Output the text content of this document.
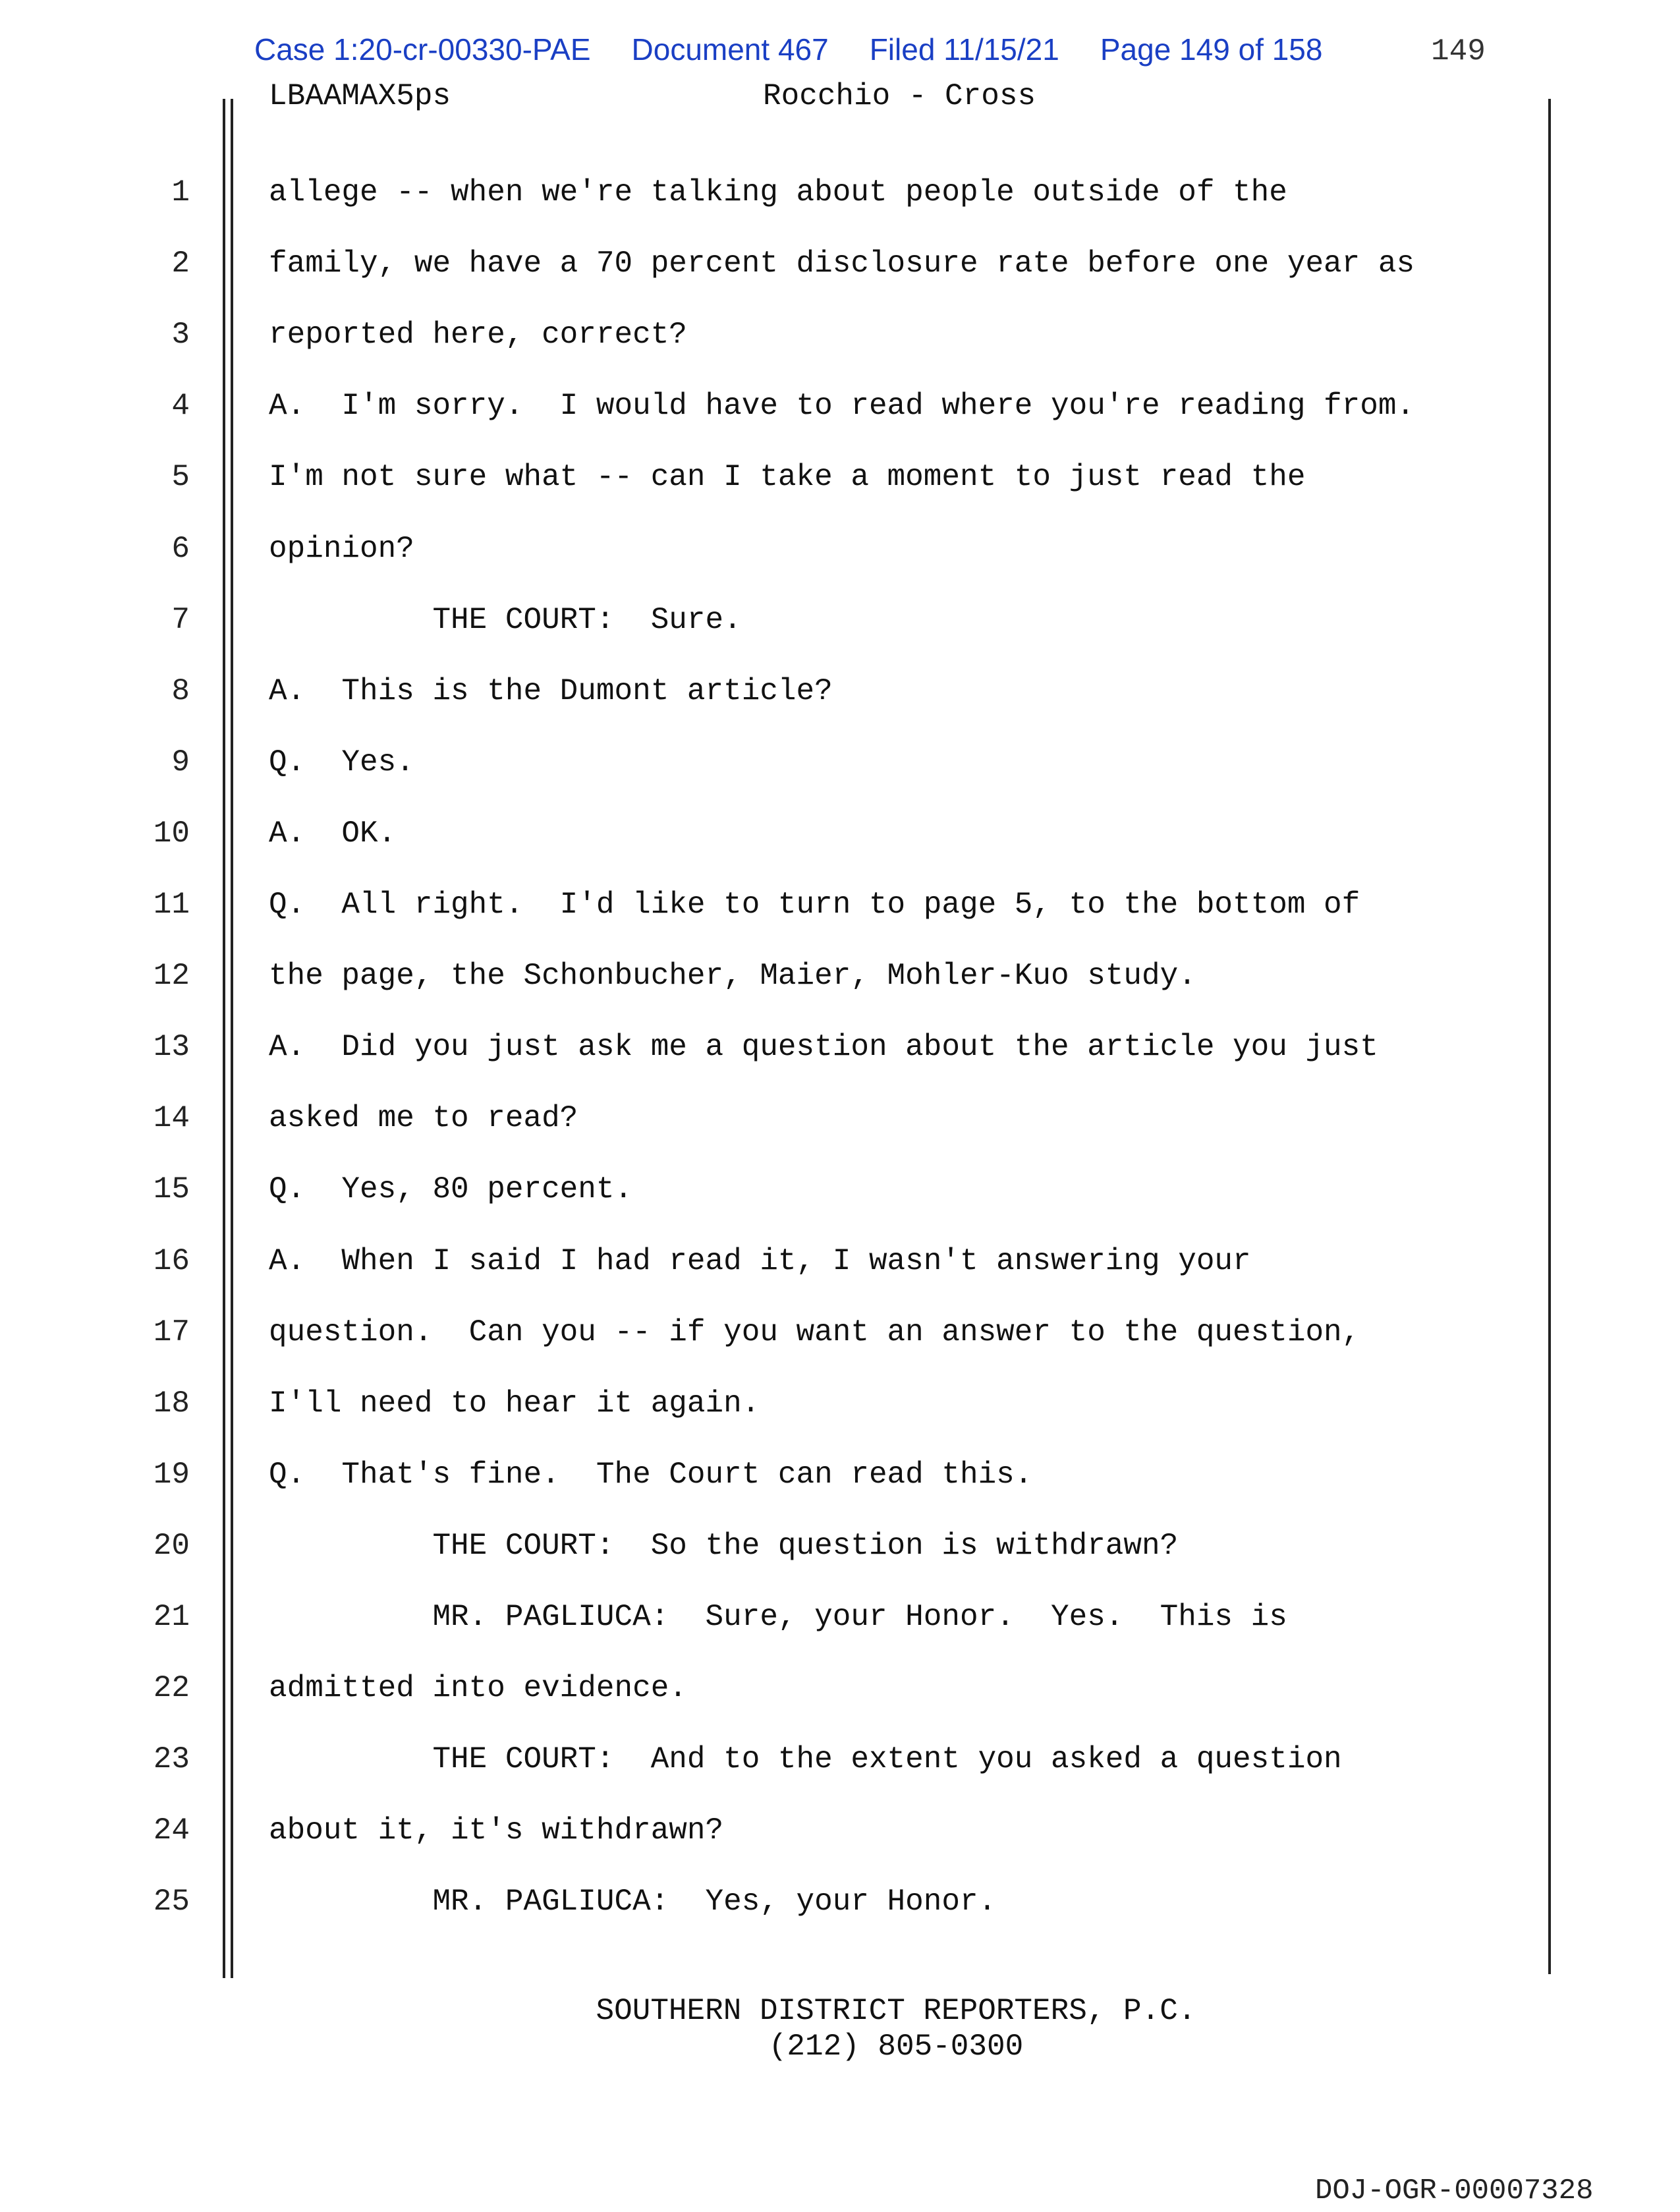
Case 1:20-cr-00330-PAE Document 467 Filed 11/15/21 Page 149 of 158	149
LBAAMAX5ps	Rocchio - Cross
1	allege -- when we're talking about people outside of the
2	family, we have a 70 percent disclosure rate before one year as
3	reported here, correct?
4	A.  I'm sorry.  I would have to read where you're reading from.
5	I'm not sure what -- can I take a moment to just read the
6	opinion?
7	THE COURT:  Sure.
8	A.  This is the Dumont article?
9	Q.  Yes.
10	A.  OK.
11	Q.  All right.  I'd like to turn to page 5, to the bottom of
12	the page, the Schonbucher, Maier, Mohler-Kuo study.
13	A.  Did you just ask me a question about the article you just
14	asked me to read?
15	Q.  Yes, 80 percent.
16	A.  When I said I had read it, I wasn't answering your
17	question.  Can you -- if you want an answer to the question,
18	I'll need to hear it again.
19	Q.  That's fine.  The Court can read this.
20	THE COURT:  So the question is withdrawn?
21	MR. PAGLIUCA:  Sure, your Honor.  Yes.  This is
22	admitted into evidence.
23	THE COURT:  And to the extent you asked a question
24	about it, it's withdrawn?
25	MR. PAGLIUCA:  Yes, your Honor.
SOUTHERN DISTRICT REPORTERS, P.C.
(212) 805-0300
DOJ-OGR-00007328
